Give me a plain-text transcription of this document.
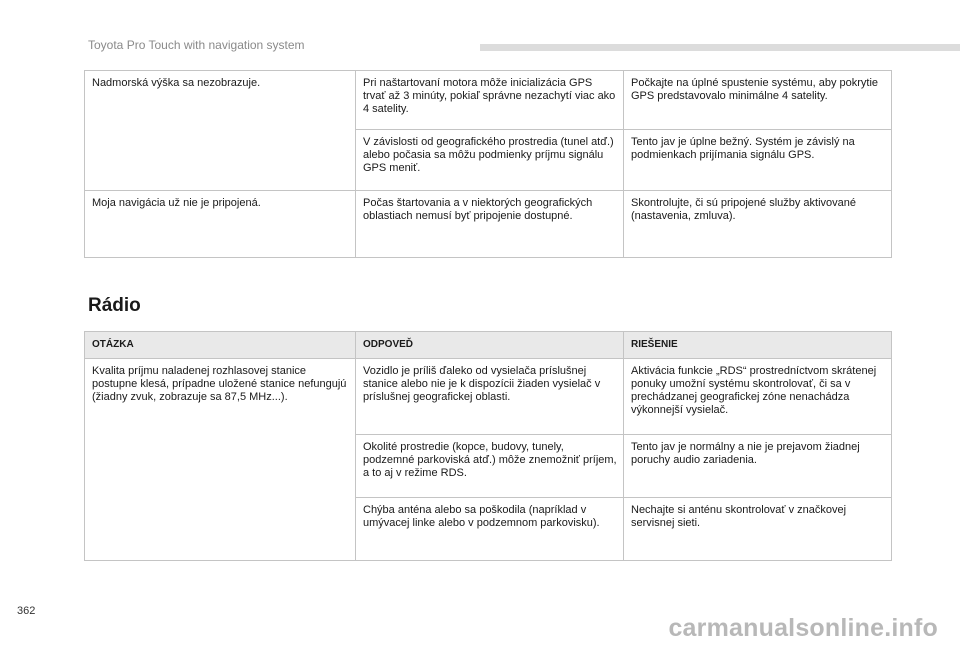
Toyota Pro Touch with navigation system
Nadmorská výška sa nezobrazuje.	Pri naštartovaní motora môže inicializácia GPS trvať až 3 minúty, pokiaľ správne nezachytí viac ako 4 satelity.	Počkajte na úplné spustenie systému, aby pokrytie GPS predstavovalo minimálne 4 satelity.
	V závislosti od geografického prostredia (tunel atď.) alebo počasia sa môžu podmienky príjmu signálu GPS meniť.	Tento jav je úplne bežný. Systém je závislý na podmienkach prijímania signálu GPS.
Moja navigácia už nie je pripojená.	Počas štartovania a v niektorých geografických oblastiach nemusí byť pripojenie dostupné.	Skontrolujte, či sú pripojené služby aktivované (nastavenia, zmluva).
Rádio
OTÁZKA	ODPOVEĎ	RIEŠENIE
Kvalita príjmu naladenej rozhlasovej stanice postupne klesá, prípadne uložené stanice nefungujú (žiadny zvuk, zobrazuje sa 87,5 MHz...).	Vozidlo je príliš ďaleko od vysielača príslušnej stanice alebo nie je k dispozícii žiaden vysielač v príslušnej geografickej oblasti.	Aktivácia funkcie „RDS“ prostredníctvom skrátenej ponuky umožní systému skontrolovať, či sa v prechádzanej geografickej zóne nenachádza výkonnejší vysielač.
	Okolité prostredie (kopce, budovy, tunely, podzemné parkoviská atď.) môže znemožniť príjem, a to aj v režime RDS.	Tento jav je normálny a nie je prejavom žiadnej poruchy audio zariadenia.
	Chýba anténa alebo sa poškodila (napríklad v umývacej linke alebo v podzemnom parkovisku).	Nechajte si anténu skontrolovať v značkovej servisnej sieti.
362
carmanualsonline.info
